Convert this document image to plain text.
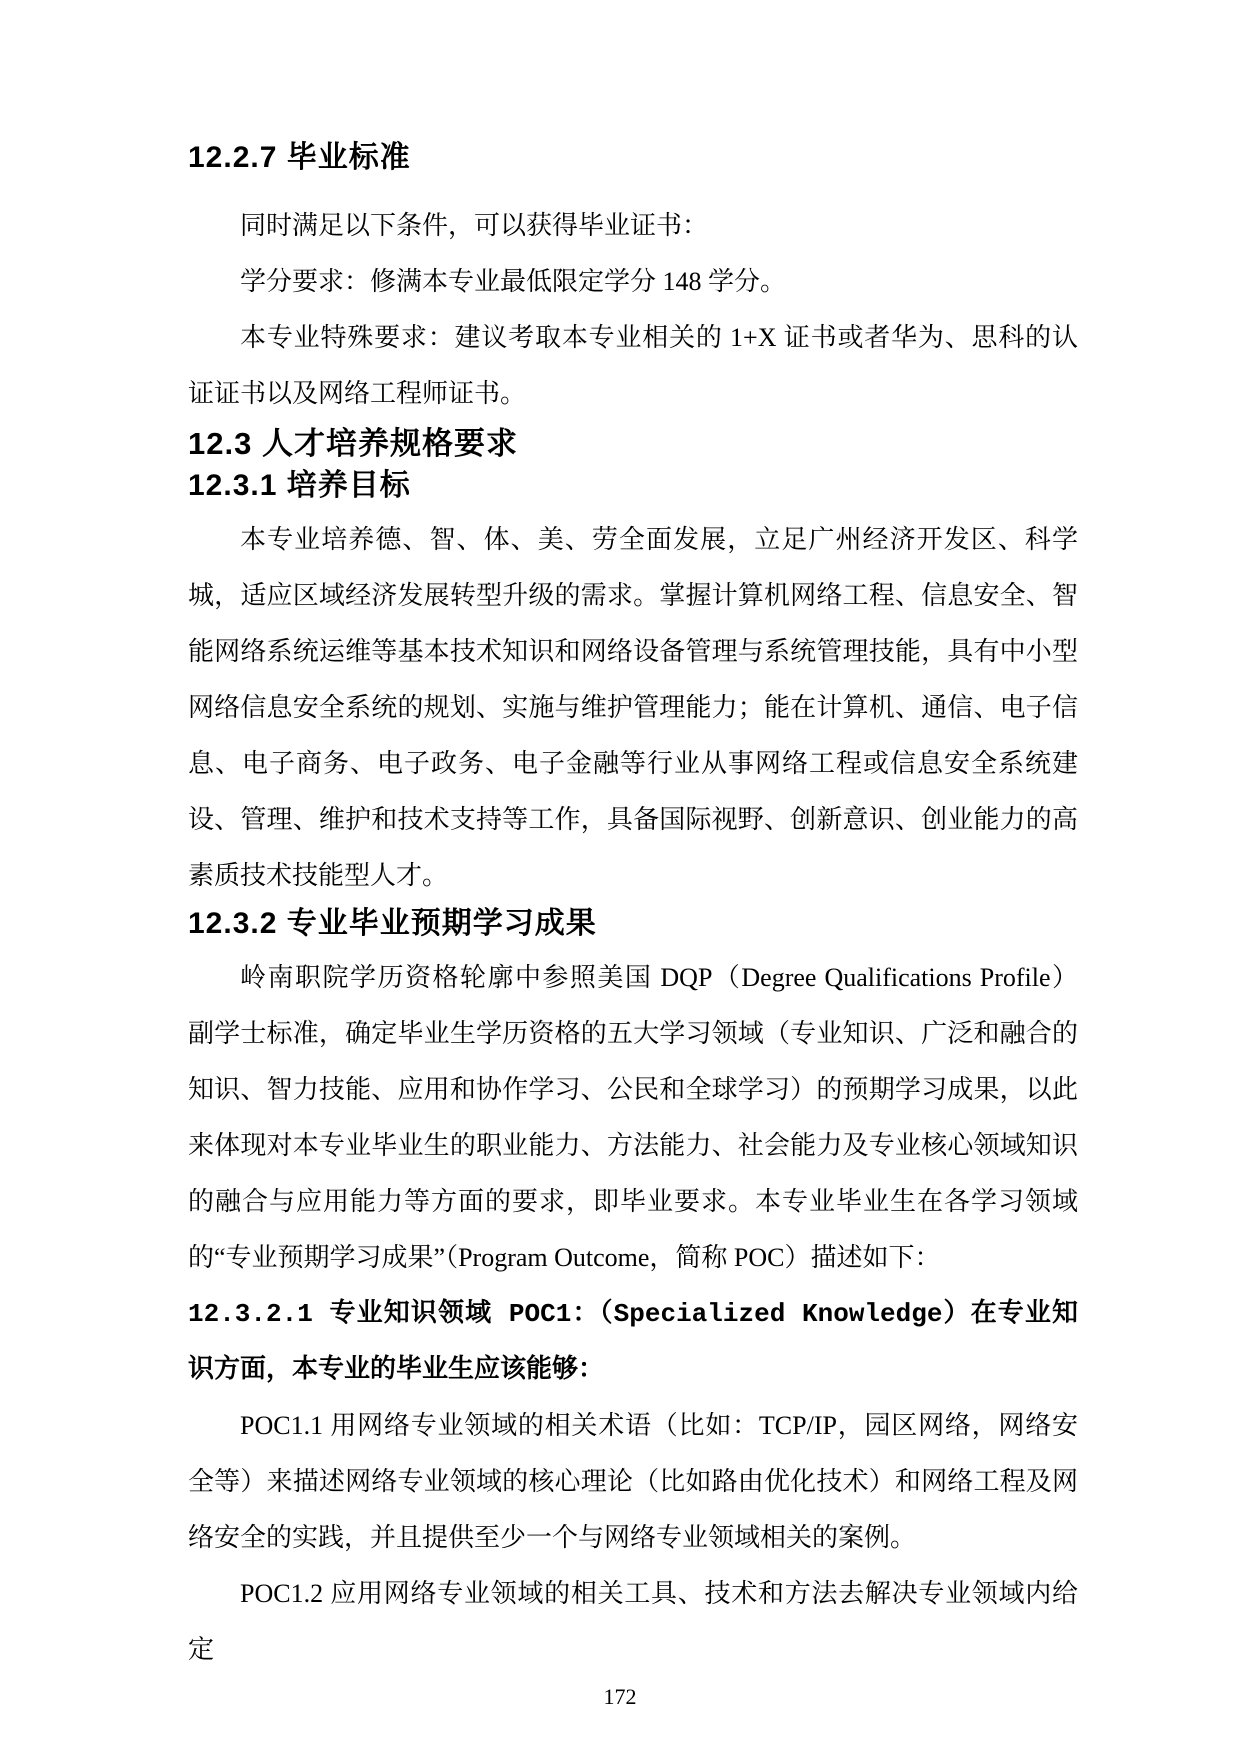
12.2.7 毕业标准

同时满足以下条件，可以获得毕业证书：

学分要求：修满本专业最低限定学分 148 学分。

本专业特殊要求：建议考取本专业相关的 1+X 证书或者华为、思科的认证证书以及网络工程师证书。

12.3 人才培养规格要求
12.3.1 培养目标

本专业培养德、智、体、美、劳全面发展，立足广州经济开发区、科学城，适应区域经济发展转型升级的需求。掌握计算机网络工程、信息安全、智能网络系统运维等基本技术知识和网络设备管理与系统管理技能，具有中小型网络信息安全系统的规划、实施与维护管理能力；能在计算机、通信、电子信息、电子商务、电子政务、电子金融等行业从事网络工程或信息安全系统建设、管理、维护和技术支持等工作，具备国际视野、创新意识、创业能力的高素质技术技能型人才。

12.3.2 专业毕业预期学习成果

岭南职院学历资格轮廓中参照美国 DQP（Degree Qualifications Profile） 副学士标准，确定毕业生学历资格的五大学习领域（专业知识、广泛和融合的知识、智力技能、应用和协作学习、公民和全球学习）的预期学习成果，以此来体现对本专业毕业生的职业能力、方法能力、社会能力及专业核心领域知识的融合与应用能力等方面的要求，即毕业要求。本专业毕业生在各学习领域的“专业预期学习成果”（Program Outcome，简称 POC）描述如下：

12.3.2.1 专业知识领域 POC1：（Specialized Knowledge）在专业知识方面，本专业的毕业生应该能够：

POC1.1 用网络专业领域的相关术语（比如：TCP/IP，园区网络，网络安全等）来描述网络专业领域的核心理论（比如路由优化技术）和网络工程及网络安全的实践，并且提供至少一个与网络专业领域相关的案例。

POC1.2 应用网络专业领域的相关工具、技术和方法去解决专业领域内给定

172
